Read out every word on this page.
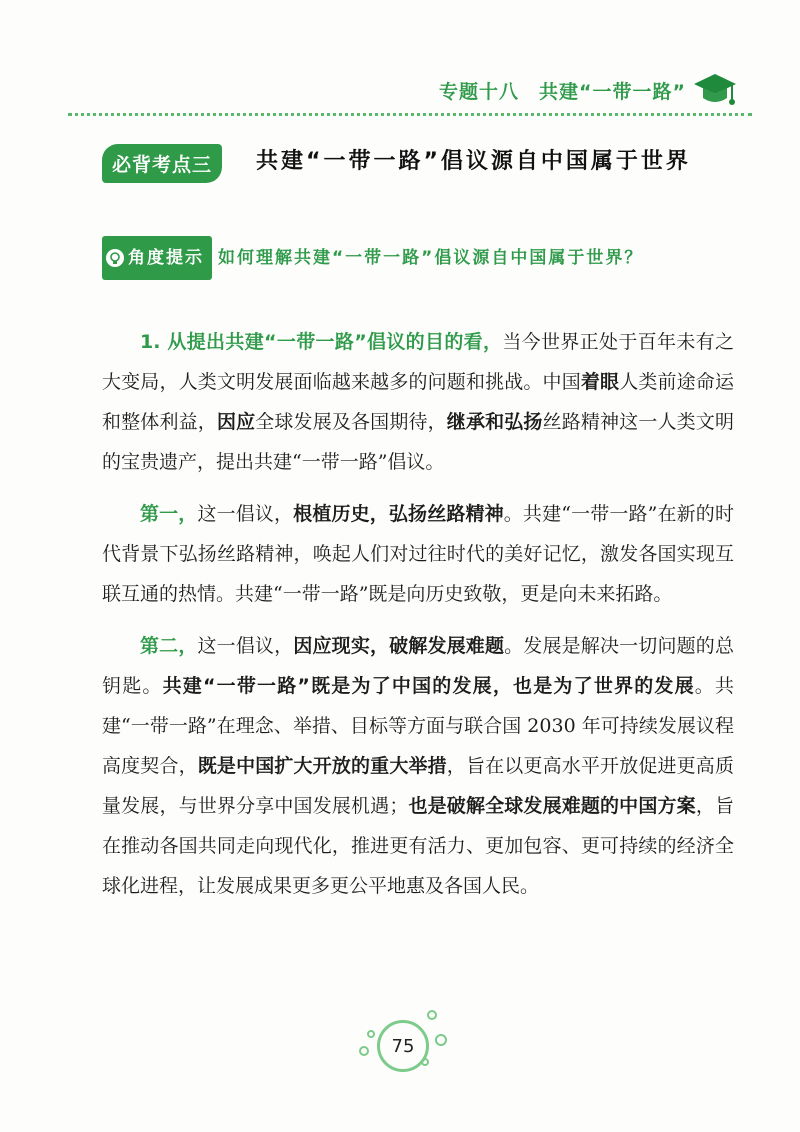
专题十八　共建“一带一路”
必背考点三	共建“一带一路”倡议源自中国属于世界
角度提示 如何理解共建“一带一路”倡议源自中国属于世界？

1. 从提出共建“一带一路”倡议的目的看，当今世界正处于百年未有之大变局，人类文明发展面临越来越多的问题和挑战。中国着眼人类前途命运和整体利益，因应全球发展及各国期待，继承和弘扬丝路精神这一人类文明的宝贵遗产，提出共建“一带一路”倡议。

第一，这一倡议，根植历史，弘扬丝路精神。共建“一带一路”在新的时代背景下弘扬丝路精神，唤起人们对过往时代的美好记忆，激发各国实现互联互通的热情。共建“一带一路”既是向历史致敬，更是向未来拓路。

第二，这一倡议，因应现实，破解发展难题。发展是解决一切问题的总钥匙。共建“一带一路”既是为了中国的发展，也是为了世界的发展。共建“一带一路”在理念、举措、目标等方面与联合国 2030 年可持续发展议程高度契合，既是中国扩大开放的重大举措，旨在以更高水平开放促进更高质量发展，与世界分享中国发展机遇；也是破解全球发展难题的中国方案，旨在推动各国共同走向现代化，推进更有活力、更加包容、更可持续的经济全球化进程，让发展成果更多更公平地惠及各国人民。

75
